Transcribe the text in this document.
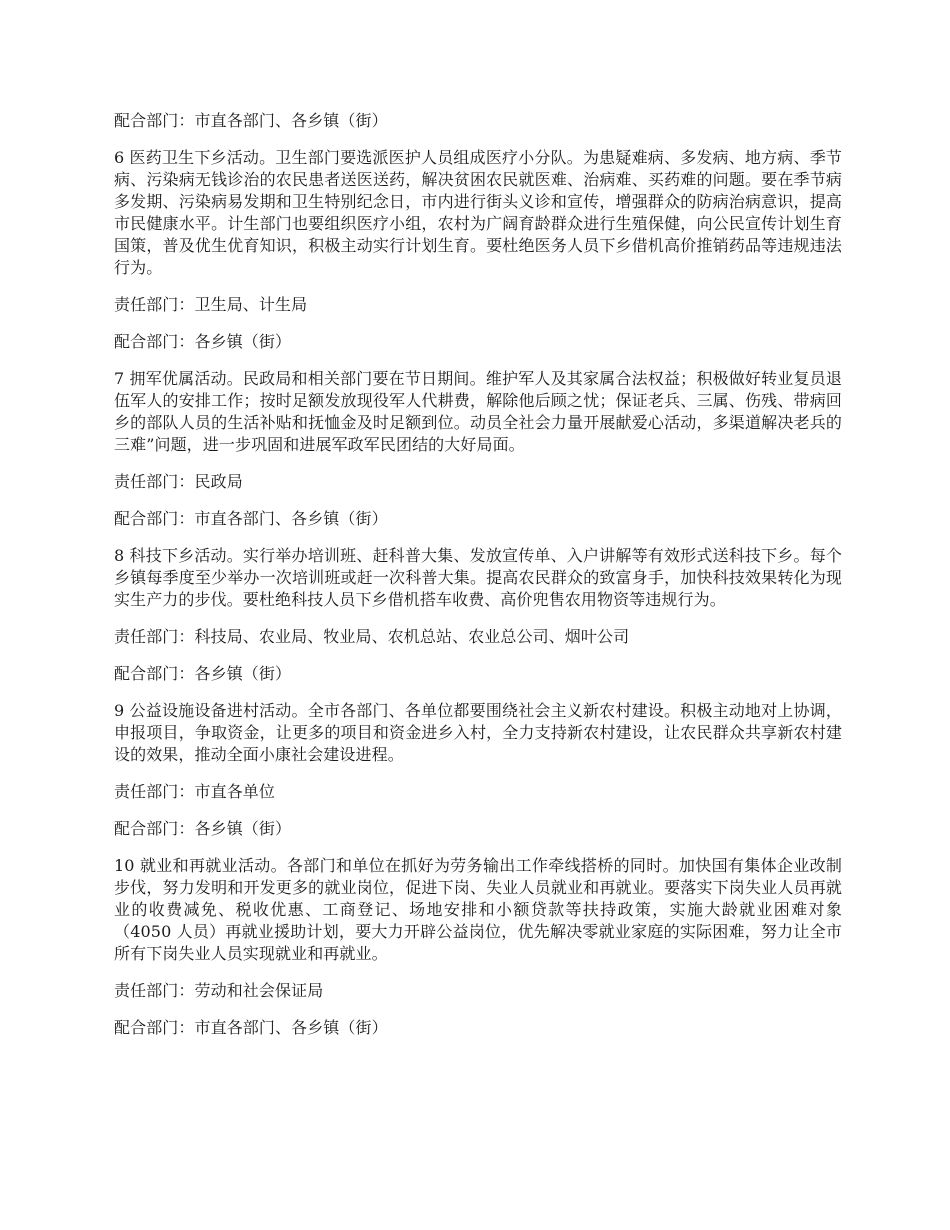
配合部门：市直各部门、各乡镇（街）

6 医药卫生下乡活动。卫生部门要选派医护人员组成医疗小分队。为患疑难病、多发病、地方病、季节病、污染病无钱诊治的农民患者送医送药，解决贫困农民就医难、治病难、买药难的问题。要在季节病多发期、污染病易发期和卫生特别纪念日，市内进行街头义诊和宣传，增强群众的防病治病意识，提高市民健康水平。计生部门也要组织医疗小组，农村为广阔育龄群众进行生殖保健，向公民宣传计划生育国策，普及优生优育知识，积极主动实行计划生育。要杜绝医务人员下乡借机高价推销药品等违规违法行为。

责任部门：卫生局、计生局

配合部门：各乡镇（街）

7 拥军优属活动。民政局和相关部门要在节日期间。维护军人及其家属合法权益；积极做好转业复员退伍军人的安排工作；按时足额发放现役军人代耕费，解除他后顾之忧；保证老兵、三属、伤残、带病回乡的部队人员的生活补贴和抚恤金及时足额到位。动员全社会力量开展献爱心活动，多渠道解决老兵的三难”问题，进一步巩固和进展军政军民团结的大好局面。

责任部门：民政局

配合部门：市直各部门、各乡镇（街）

8 科技下乡活动。实行举办培训班、赶科普大集、发放宣传单、入户讲解等有效形式送科技下乡。每个乡镇每季度至少举办一次培训班或赶一次科普大集。提高农民群众的致富身手，加快科技效果转化为现实生产力的步伐。要杜绝科技人员下乡借机搭车收费、高价兜售农用物资等违规行为。

责任部门：科技局、农业局、牧业局、农机总站、农业总公司、烟叶公司

配合部门：各乡镇（街）

9 公益设施设备进村活动。全市各部门、各单位都要围绕社会主义新农村建设。积极主动地对上协调，申报项目，争取资金，让更多的项目和资金进乡入村，全力支持新农村建设，让农民群众共享新农村建设的效果，推动全面小康社会建设进程。

责任部门：市直各单位

配合部门：各乡镇（街）

10 就业和再就业活动。各部门和单位在抓好为劳务输出工作牵线搭桥的同时。加快国有集体企业改制步伐，努力发明和开发更多的就业岗位，促进下岗、失业人员就业和再就业。要落实下岗失业人员再就业的收费减免、税收优惠、工商登记、场地安排和小额贷款等扶持政策，实施大龄就业困难对象（4050 人员）再就业援助计划，要大力开辟公益岗位，优先解决零就业家庭的实际困难，努力让全市所有下岗失业人员实现就业和再就业。

责任部门：劳动和社会保证局

配合部门：市直各部门、各乡镇（街）
